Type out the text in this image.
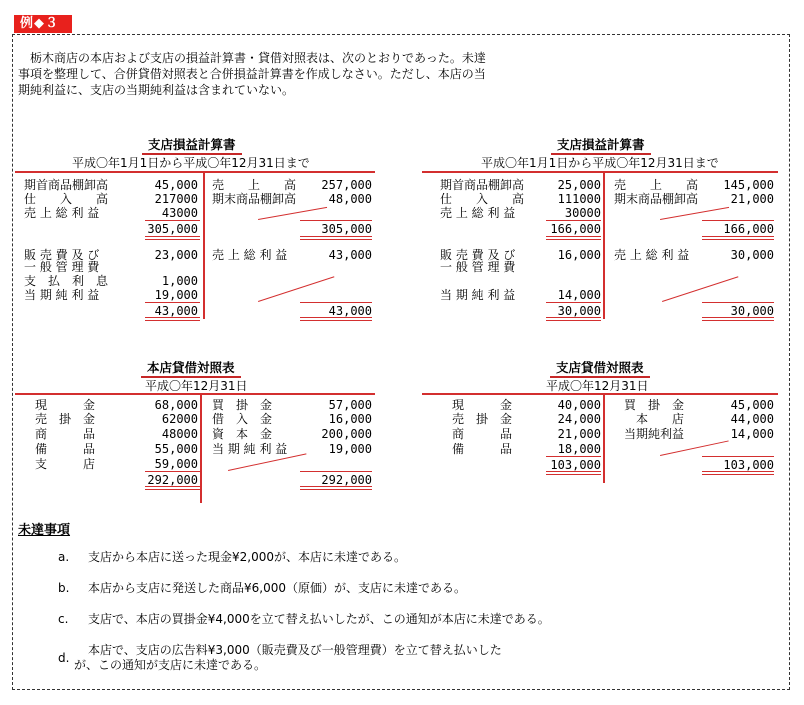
例◆３
　栃木商店の本店および支店の損益計算書・貸借対照表は、次のとおりであった。未達事項を整理して、合併貸借対照表と合併損益計算書を作成しなさい。ただし、本店の当期純利益に、支店の当期純利益は含まれていない。
支店損益計算書
平成〇年1月1日から平成〇年12月31日まで
期首商品棚卸高	45,000 売　　上　　高	257,000
仕　　入　　高	217000 期末商品棚卸高	48,000
売 上 総 利 益	43000
305,000	305,000
販 売 費 及 び	23,000 売 上 総 利 益	43,000
一 般 管 理 費
支　払　利　息	1,000
当 期 純 利 益	19,000
43,000	43,000
支店損益計算書
平成〇年1月1日から平成〇年12月31日まで
期首商品棚卸高	25,000 売　　上　　高	145,000
仕　　入　　高	111000 期末商品棚卸高	21,000
売 上 総 利 益	30000
166,000	166,000
販 売 費 及 び	16,000 売 上 総 利 益	30,000
一 般 管 理 費
当 期 純 利 益	14,000
30,000	30,000
本店貸借対照表
平成〇年12月31日
現　　　金	68,000 買　掛　金	57,000
売　掛　金	62000 借　入　金	16,000
商　　　品	48000 資　本　金	200,000
備　　　品	55,000 当 期 純 利 益	19,000
支　　　店	59,000
292,000	292,000
支店貸借対照表
平成〇年12月31日
現　　　金	40,000 買　掛　金	45,000
売　掛　金	24,000	本　　店	44,000
商　　　品	21,000 当期純利益	14,000
備　　　品	18,000
103,000	103,000
未達事項
a. 支店から本店に送った現金¥2,000が、本店に未達である。
b. 本店から支店に発送した商品¥6,000（原価）が、支店に未達である。
c. 支店で、本店の買掛金¥4,000を立て替え払いしたが、この通知が本店に未達である。
d.
本店で、支店の広告料¥3,000（販売費及び一般管理費）を立て替え払いした
が、この通知が支店に未達である。
